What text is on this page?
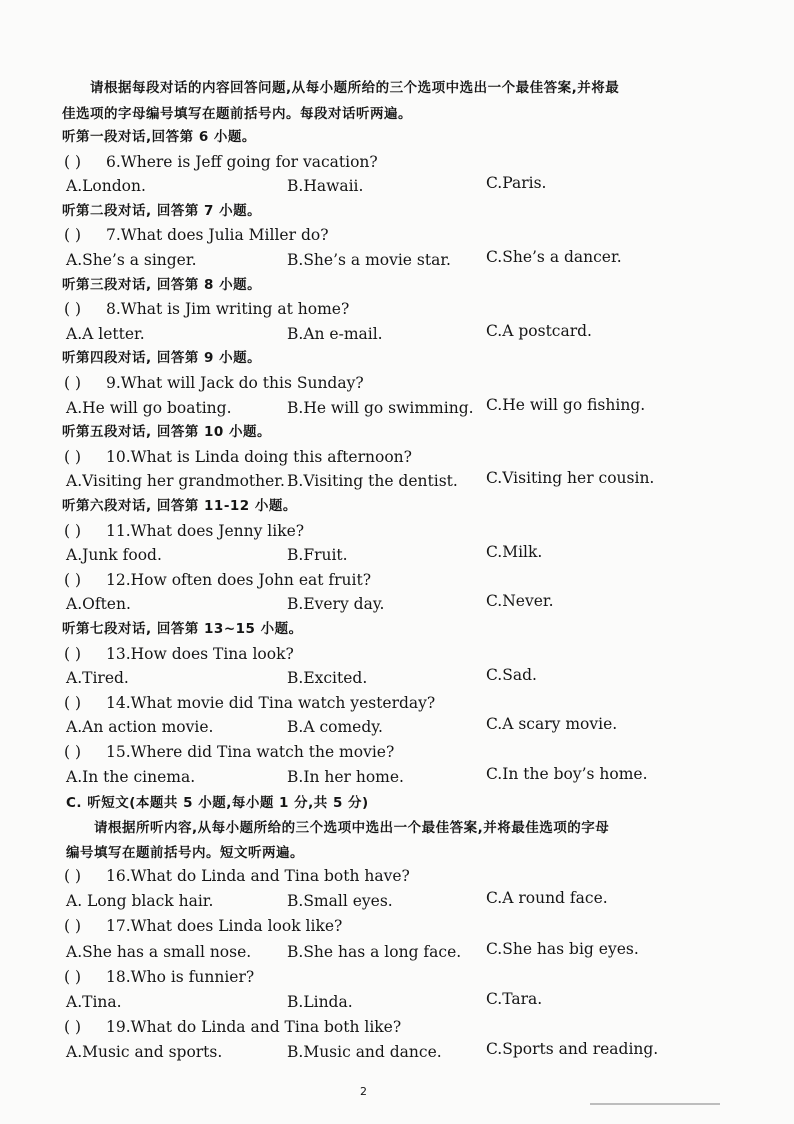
请根据每段对话的内容回答问题,从每小题所给的三个选项中选出一个最佳答案,并将最
佳选项的字母编号填写在题前括号内。每段对话听两遍。
听第一段对话,回答第 6 小题。
( ) 6.Where is Jeff going for vacation?
A.London.	B.Hawaii.	C.Paris.
听第二段对话, 回答第 7 小题。
( ) 7.What does Julia Miller do?
A.She’s a singer.	B.She’s a movie star. C.She’s a dancer.
听第三段对话, 回答第 8 小题。
( ) 8.What is Jim writing at home?
A.A letter.	B.An e-mail.	C.A postcard.
听第四段对话, 回答第 9 小题。
( ) 9.What will Jack do this Sunday?
A.He will go boating.	B.He will go swimming. C.He will go fishing.
听第五段对话, 回答第 10 小题。
( ) 10.What is Linda doing this afternoon?
A.Visiting her grandmother. B.Visiting the dentist. C.Visiting her cousin.
听第六段对话, 回答第 11-12 小题。
( ) 11.What does Jenny like?
A.Junk food.	B.Fruit.	C.Milk.
( ) 12.How often does John eat fruit?
A.Often.	B.Every day.	C.Never.
听第七段对话, 回答第 13~15 小题。
( ) 13.How does Tina look?
A.Tired.	B.Excited.	C.Sad.
( ) 14.What movie did Tina watch yesterday?
A.An action movie.	B.A comedy.	C.A scary movie.
( ) 15.Where did Tina watch the movie?
A.In the cinema.	B.In her home.	C.In the boy’s home.
C. 听短文(本题共 5 小题,每小题 1 分,共 5 分)
请根据所听内容,从每小题所给的三个选项中选出一个最佳答案,并将最佳选项的字母
编号填写在题前括号内。短文听两遍。
( ) 16.What do Linda and Tina both have?
A. Long black hair.	B.Small eyes.	C.A round face.
( ) 17.What does Linda look like?
A.She has a small nose. B.She has a long face. C.She has big eyes.
( ) 18.Who is funnier?
A.Tina.	B.Linda.	C.Tara.
( ) 19.What do Linda and Tina both like?
A.Music and sports.	B.Music and dance.	C.Sports and reading.
2
